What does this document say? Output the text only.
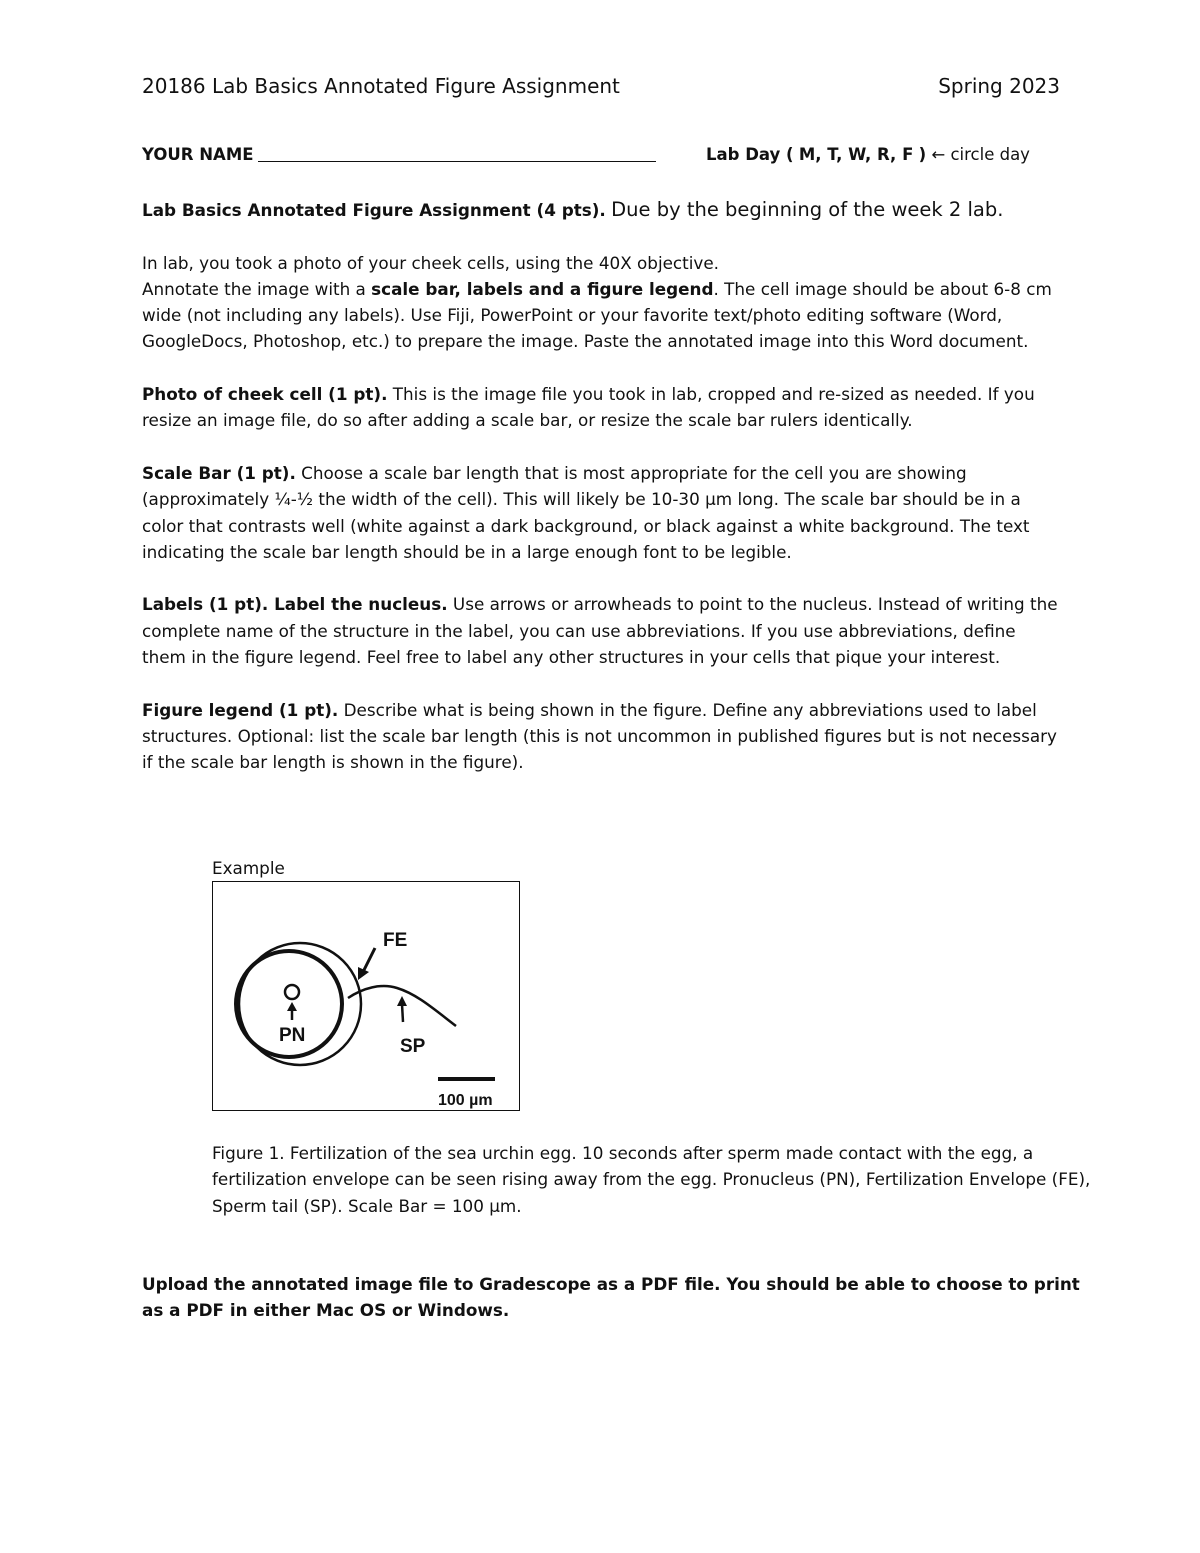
20186 Lab Basics Annotated Figure Assignment	Spring 2023
YOUR NAME	Lab Day ( M, T, W, R, F ) ← circle day

Lab Basics Annotated Figure Assignment (4 pts). Due by the beginning of the week 2 lab.

In lab, you took a photo of your cheek cells, using the 40X objective.
Annotate the image with a scale bar, labels and a figure legend. The cell image should be about 6-8 cm wide (not including any labels). Use Fiji, PowerPoint or your favorite text/photo editing software (Word, GoogleDocs, Photoshop, etc.) to prepare the image. Paste the annotated image into this Word document.

Photo of cheek cell (1 pt). This is the image file you took in lab, cropped and re-sized as needed. If you resize an image file, do so after adding a scale bar, or resize the scale bar rulers identically.

Scale Bar (1 pt). Choose a scale bar length that is most appropriate for the cell you are showing (approximately ¼-½ the width of the cell). This will likely be 10-30 µm long. The scale bar should be in a color that contrasts well (white against a dark background, or black against a white background. The text indicating the scale bar length should be in a large enough font to be legible.

Labels (1 pt). Label the nucleus. Use arrows or arrowheads to point to the nucleus. Instead of writing the complete name of the structure in the label, you can use abbreviations. If you use abbreviations, define them in the figure legend. Feel free to label any other structures in your cells that pique your interest.

Figure legend (1 pt). Describe what is being shown in the figure. Define any abbreviations used to label structures. Optional: list the scale bar length (this is not uncommon in published figures but is not necessary if the scale bar length is shown in the figure).

Example
FE
PN
SP
100 µm
Figure 1. Fertilization of the sea urchin egg. 10 seconds after sperm made contact with the egg, a fertilization envelope can be seen rising away from the egg. Pronucleus (PN), Fertilization Envelope (FE), Sperm tail (SP). Scale Bar = 100 µm.
Upload the annotated image file to Gradescope as a PDF file. You should be able to choose to print as a PDF in either Mac OS or Windows.
